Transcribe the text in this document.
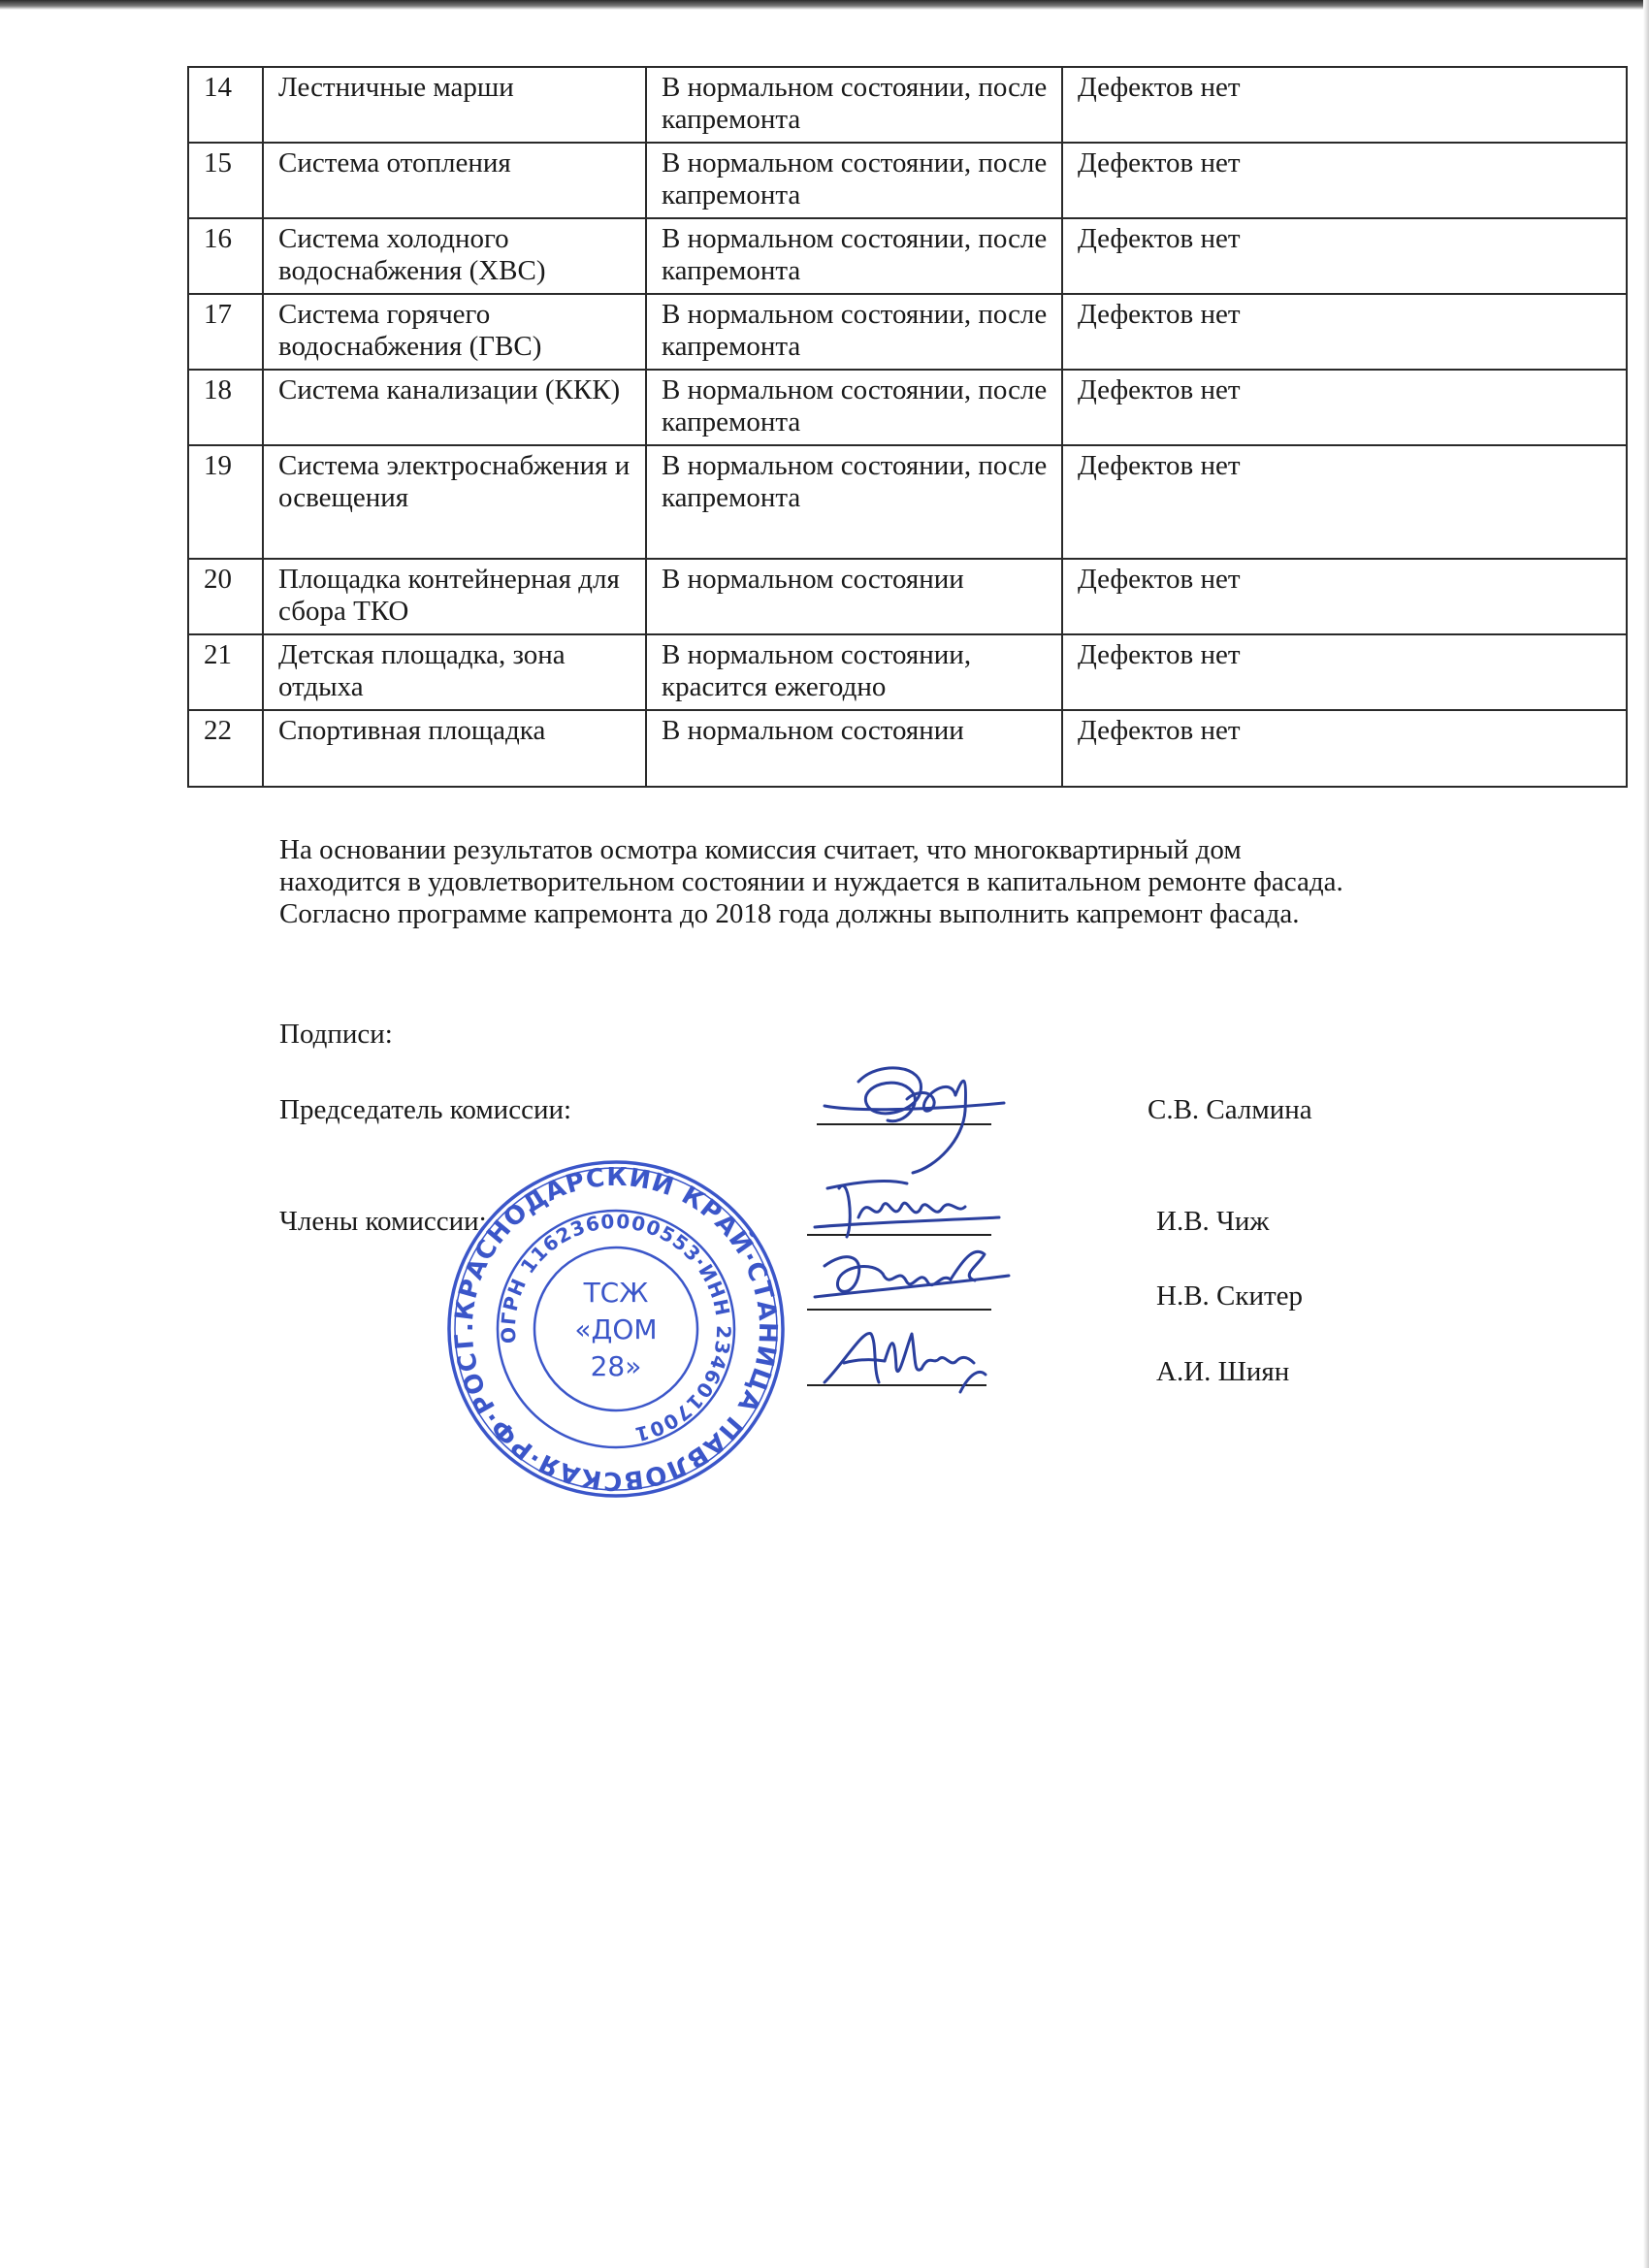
14	Лестничные марши	В нормальном состоянии, после капремонта	Дефектов нет
15	Система отопления	В нормальном состоянии, после капремонта	Дефектов нет
16	Система холодного водоснабжения (ХВС)	В нормальном состоянии, после капремонта	Дефектов нет
17	Система горячего водоснабжения (ГВС)	В нормальном состоянии, после капремонта	Дефектов нет
18	Система канализации (ККК)	В нормальном состоянии, после капремонта	Дефектов нет
19	Система электроснабжения и освещения	В нормальном состоянии, после капремонта	Дефектов нет
20	Площадка контейнерная для сбора ТКО	В нормальном состоянии	Дефектов нет
21	Детская площадка, зона отдыха	В нормальном состоянии, красится ежегодно	Дефектов нет
22	Спортивная площадка	В нормальном состоянии	Дефектов нет
На основании результатов осмотра комиссия считает, что многоквартирный дом
находится в удовлетворительном состоянии и нуждается в капитальном ремонте фасада.
Согласно программе капремонта до 2018 года должны выполнить капремонт фасада.
Подписи:
Председатель комиссии:	С.В. Салмина
Члены комиссии:	И.В. Чиж
Н.В. Скитер
А.И. Шиян
Г.КРАСНОДАРСКИЙ КРАЙ·СТАНИЦА ПАВЛОВСКАЯ·РФ·РОССИЯ·ИНН
ОГРН 1162360000553·ИНН 2346017001
ТСЖ
«ДОМ
28»
